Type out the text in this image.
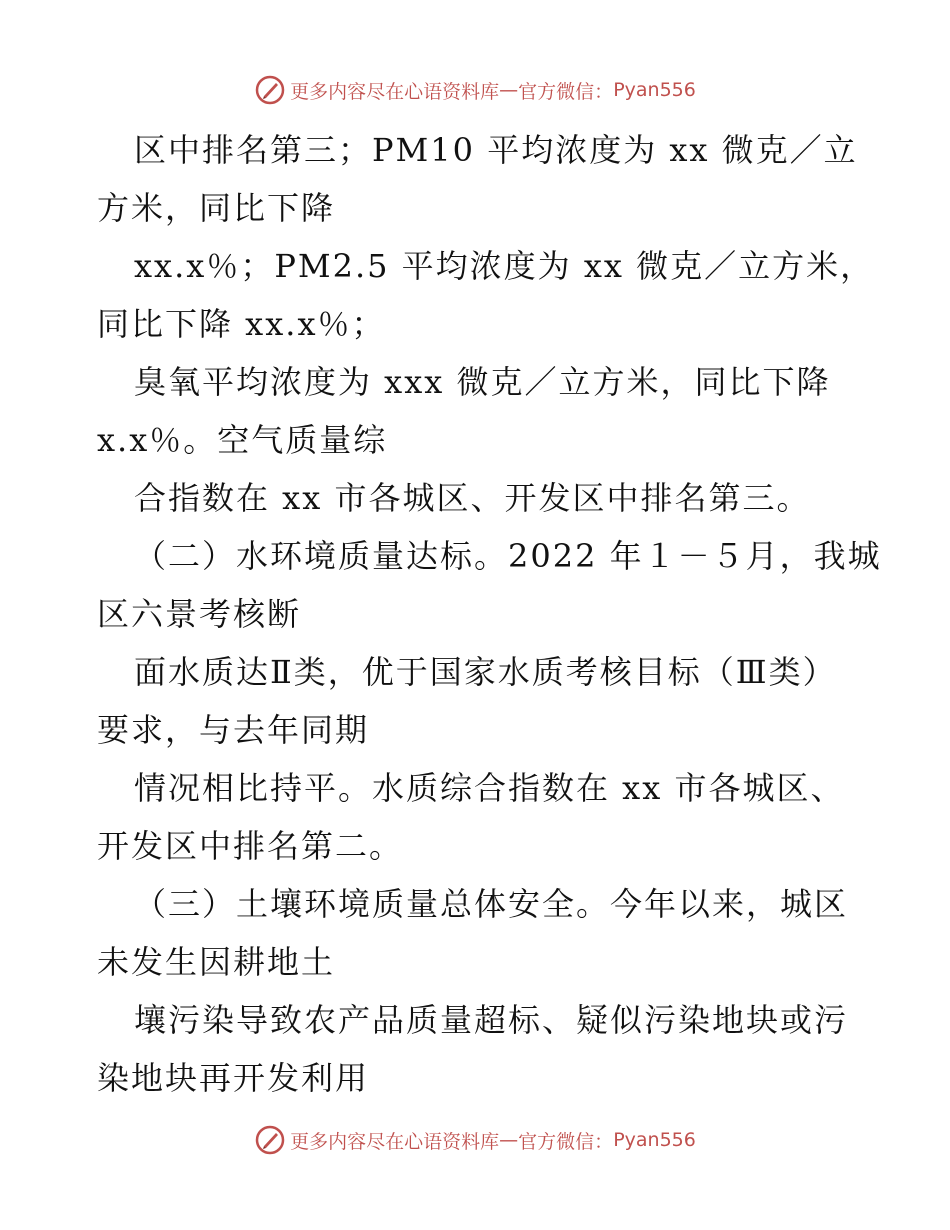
更多内容尽在心语资料库 — 官方微信： Pyan556
区中排名第三；PM10 平均浓度为 xx 微克／立
方米，同比下降
xx.x％；PM2.5 平均浓度为 xx 微克／立方米，
同比下降 xx.x％；
臭氧平均浓度为 xxx 微克／立方米，同比下降
x.x％。空气质量综
合指数在 xx 市各城区、开发区中排名第三。
（二）水环境质量达标。2022 年１－５月，我城
区六景考核断
面水质达Ⅱ类，优于国家水质考核目标（Ⅲ类）
要求，与去年同期
情况相比持平。水质综合指数在 xx 市各城区、
开发区中排名第二。
（三）土壤环境质量总体安全。今年以来，城区
未发生因耕地土
壤污染导致农产品质量超标、疑似污染地块或污
染地块再开发利用
更多内容尽在心语资料库 — 官方微信： Pyan556
